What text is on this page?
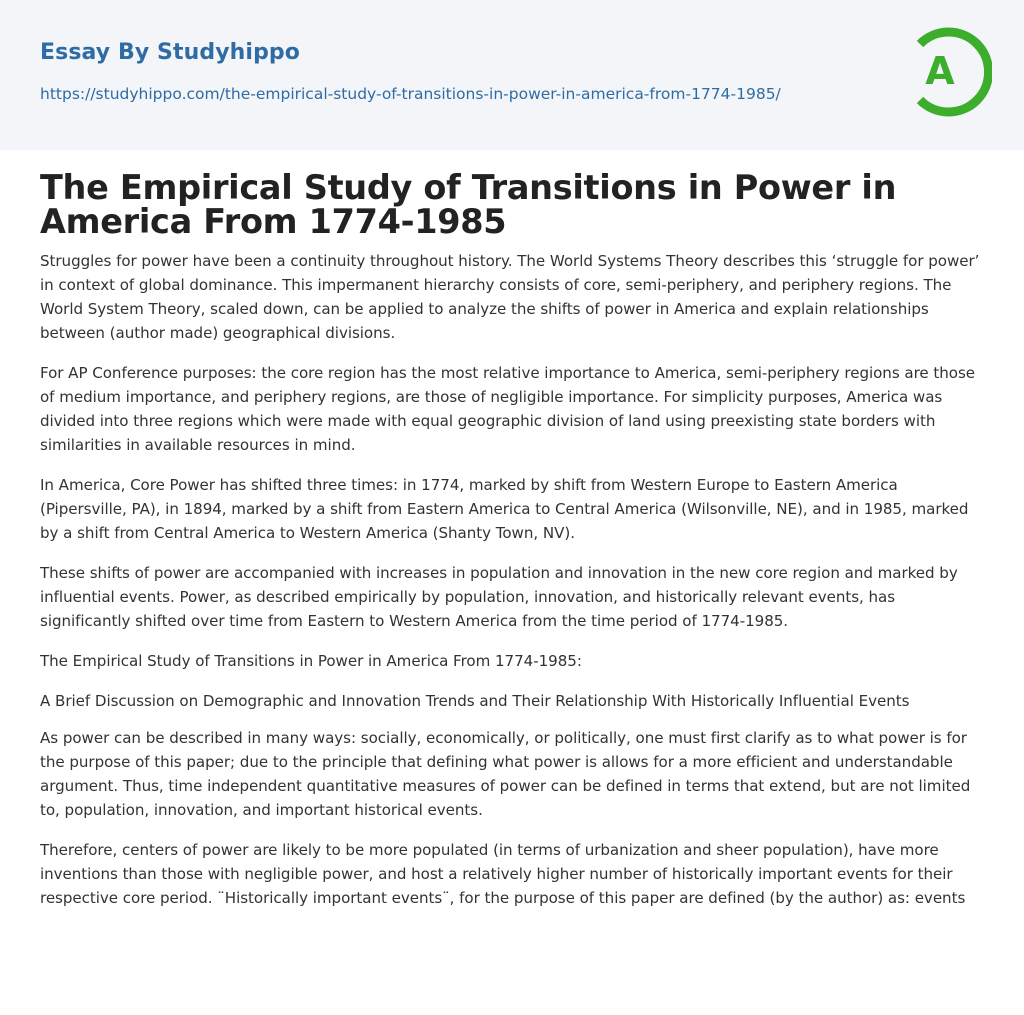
Essay By Studyhippo
https://studyhippo.com/the-empirical-study-of-transitions-in-power-in-america-from-1774-1985/
A
The Empirical Study of Transitions in Power in America From 1774-1985

Struggles for power have been a continuity throughout history. The World Systems Theory describes this ‘struggle for power’ in context of global dominance. This impermanent hierarchy consists of core, semi-periphery, and periphery regions. The World System Theory, scaled down, can be applied to analyze the shifts of power in America and explain relationships between (author made) geographical divisions.

For AP Conference purposes: the core region has the most relative importance to America, semi-periphery regions are those of medium importance, and periphery regions, are those of negligible importance. For simplicity purposes, America was divided into three regions which were made with equal geographic division of land using preexisting state borders with similarities in available resources in mind.

In America, Core Power has shifted three times: in 1774, marked by shift from Western Europe to Eastern America (Pipersville, PA), in 1894, marked by a shift from Eastern America to Central America (Wilsonville, NE), and in 1985, marked by a shift from Central America to Western America (Shanty Town, NV).

These shifts of power are accompanied with increases in population and innovation in the new core region and marked by influential events. Power, as described empirically by population, innovation, and historically relevant events, has significantly shifted over time from Eastern to Western America from the time period of 1774-1985.

The Empirical Study of Transitions in Power in America From 1774-1985:

A Brief Discussion on Demographic and Innovation Trends and Their Relationship With Historically Influential Events

As power can be described in many ways: socially, economically, or politically, one must first clarify as to what power is for the purpose of this paper; due to the principle that defining what power is allows for a more efficient and understandable argument. Thus, time independent quantitative measures of power can be defined in terms that extend, but are not limited to, population, innovation, and important historical events.

Therefore, centers of power are likely to be more populated (in terms of urbanization and sheer population), have more inventions than those with negligible power, and host a relatively higher number of historically important events for their respective core period. ¨Historically important events¨, for the purpose of this paper are defined (by the author) as: events
